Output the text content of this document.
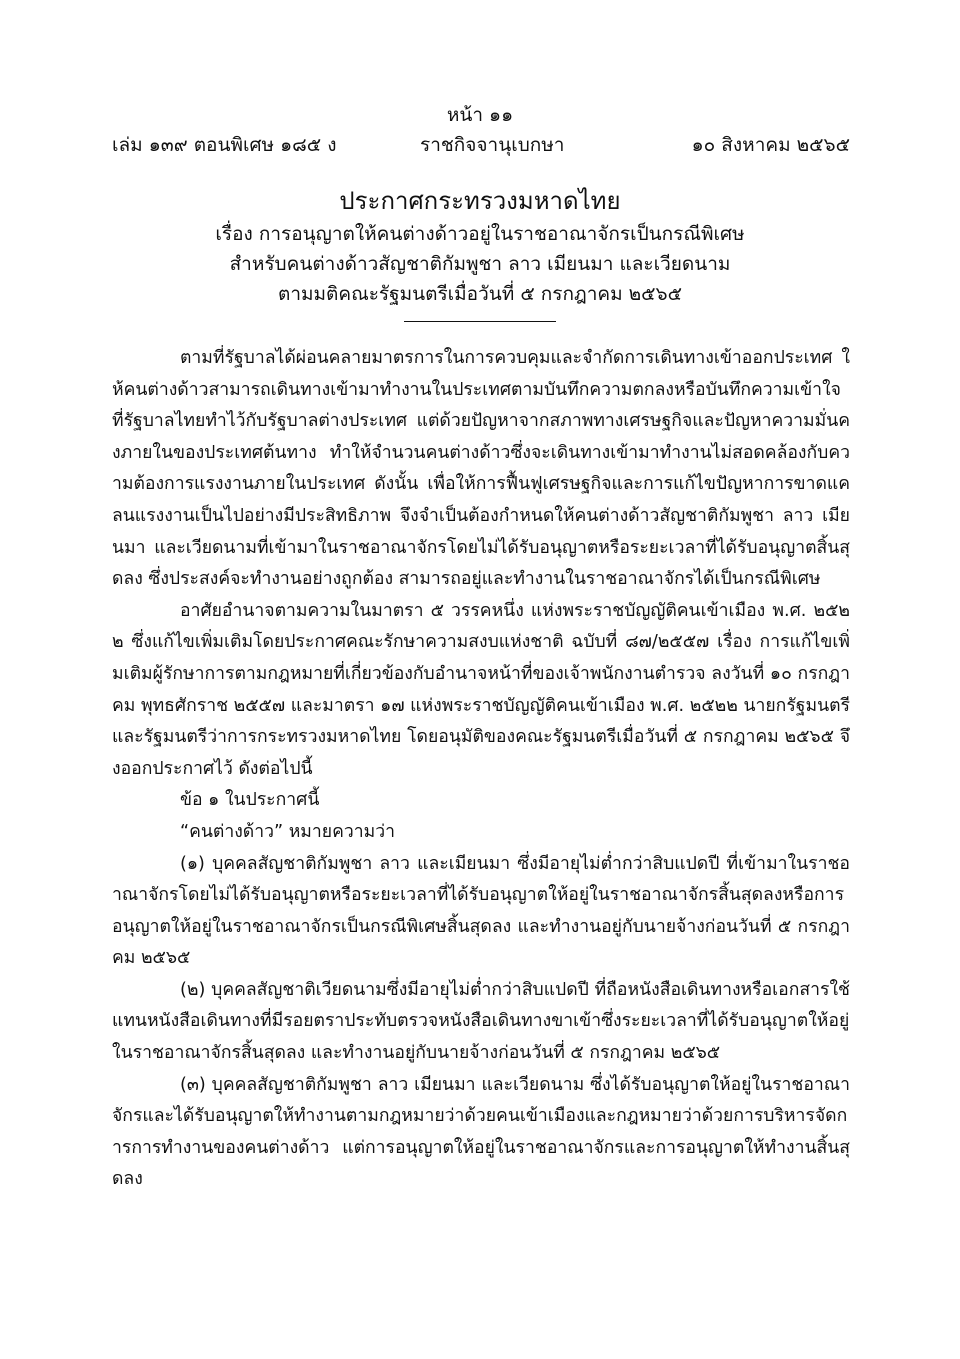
หน้า ๑๑
เล่ม ๑๓๙ ตอนพิเศษ ๑๘๕ ง	ราชกิจจานุเบกษา	๑๐ สิงหาคม ๒๕๖๕
ประกาศกระทรวงมหาดไทย
เรื่อง การอนุญาตให้คนต่างด้าวอยู่ในราชอาณาจักรเป็นกรณีพิเศษ
สำหรับคนต่างด้าวสัญชาติกัมพูชา ลาว เมียนมา และเวียดนาม
ตามมติคณะรัฐมนตรีเมื่อวันที่ ๕ กรกฎาคม ๒๕๖๕

ตามที่รัฐบาลได้ผ่อนคลายมาตรการในการควบคุมและจำกัดการเดินทางเข้าออกประเทศ ให้คนต่างด้าวสามารถเดินทางเข้ามาทำงานในประเทศตามบันทึกความตกลงหรือบันทึกความเข้าใจที่รัฐบาลไทยทำไว้กับรัฐบาลต่างประเทศ แต่ด้วยปัญหาจากสภาพทางเศรษฐกิจและปัญหาความมั่นคงภายในของประเทศต้นทาง ทำให้จำนวนคนต่างด้าวซึ่งจะเดินทางเข้ามาทำงานไม่สอดคล้องกับความต้องการแรงงานภายในประเทศ ดังนั้น เพื่อให้การฟื้นฟูเศรษฐกิจและการแก้ไขปัญหาการขาดแคลนแรงงานเป็นไปอย่างมีประสิทธิภาพ จึงจำเป็นต้องกำหนดให้คนต่างด้าวสัญชาติกัมพูชา ลาว เมียนมา และเวียดนามที่เข้ามาในราชอาณาจักรโดยไม่ได้รับอนุญาตหรือระยะเวลาที่ได้รับอนุญาตสิ้นสุดลง ซึ่งประสงค์จะทำงานอย่างถูกต้อง สามารถอยู่และทำงานในราชอาณาจักรได้เป็นกรณีพิเศษ

อาศัยอำนาจตามความในมาตรา ๕ วรรคหนึ่ง แห่งพระราชบัญญัติคนเข้าเมือง พ.ศ. ๒๕๒๒ ซึ่งแก้ไขเพิ่มเติมโดยประกาศคณะรักษาความสงบแห่งชาติ ฉบับที่ ๘๗/๒๕๕๗ เรื่อง การแก้ไขเพิ่มเติมผู้รักษาการตามกฎหมายที่เกี่ยวข้องกับอำนาจหน้าที่ของเจ้าพนักงานตำรวจ ลงวันที่ ๑๐ กรกฎาคม พุทธศักราช ๒๕๕๗ และมาตรา ๑๗ แห่งพระราชบัญญัติคนเข้าเมือง พ.ศ. ๒๕๒๒ นายกรัฐมนตรีและรัฐมนตรีว่าการกระทรวงมหาดไทย โดยอนุมัติของคณะรัฐมนตรีเมื่อวันที่ ๕ กรกฎาคม ๒๕๖๕ จึงออกประกาศไว้ ดังต่อไปนี้

ข้อ ๑ ในประกาศนี้

“คนต่างด้าว” หมายความว่า

(๑) บุคคลสัญชาติกัมพูชา ลาว และเมียนมา ซึ่งมีอายุไม่ต่ำกว่าสิบแปดปี ที่เข้ามาในราชอาณาจักรโดยไม่ได้รับอนุญาตหรือระยะเวลาที่ได้รับอนุญาตให้อยู่ในราชอาณาจักรสิ้นสุดลงหรือการอนุญาตให้อยู่ในราชอาณาจักรเป็นกรณีพิเศษสิ้นสุดลง และทำงานอยู่กับนายจ้างก่อนวันที่ ๕ กรกฎาคม ๒๕๖๕

(๒) บุคคลสัญชาติเวียดนามซึ่งมีอายุไม่ต่ำกว่าสิบแปดปี ที่ถือหนังสือเดินทางหรือเอกสารใช้แทนหนังสือเดินทางที่มีรอยตราประทับตรวจหนังสือเดินทางขาเข้าซึ่งระยะเวลาที่ได้รับอนุญาตให้อยู่ในราชอาณาจักรสิ้นสุดลง และทำงานอยู่กับนายจ้างก่อนวันที่ ๕ กรกฎาคม ๒๕๖๕

(๓) บุคคลสัญชาติกัมพูชา ลาว เมียนมา และเวียดนาม ซึ่งได้รับอนุญาตให้อยู่ในราชอาณาจักรและได้รับอนุญาตให้ทำงานตามกฎหมายว่าด้วยคนเข้าเมืองและกฎหมายว่าด้วยการบริหารจัดการการทำงานของคนต่างด้าว แต่การอนุญาตให้อยู่ในราชอาณาจักรและการอนุญาตให้ทำงานสิ้นสุดลง
